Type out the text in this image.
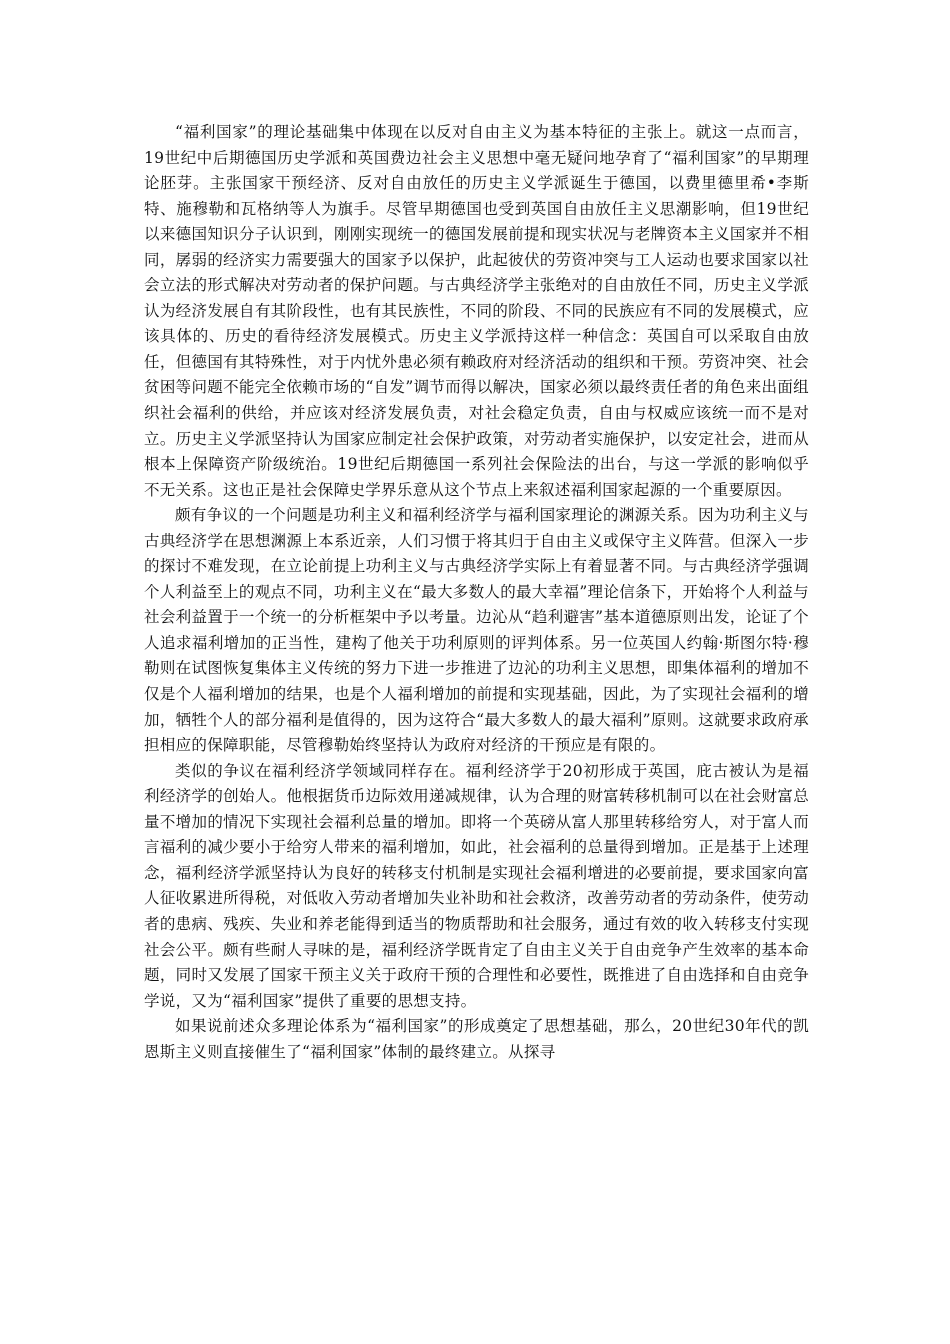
“福利国家”的理论基础集中体现在以反对自由主义为基本特征的主张上。就这一点而言， 19世纪中后期德国历史学派和英国费边社会主义思想中毫无疑问地孕育了“福利国家”的早期理论胚芽。主张国家干预经济、反对自由放任的历史主义学派诞生于德国，以费里德里希•李斯特、施穆勒和瓦格纳等人为旗手。尽管早期德国也受到英国自由放任主义思潮影响，但19世纪以来德国知识分子认识到，刚刚实现统一的德国发展前提和现实状况与老牌资本主义国家并不相同，孱弱的经济实力需要强大的国家予以保护，此起彼伏的劳资冲突与工人运动也要求国家以社会立法的形式解决对劳动者的保护问题。与古典经济学主张绝对的自由放任不同，历史主义学派认为经济发展自有其阶段性，也有其民族性，不同的阶段、不同的民族应有不同的发展模式，应该具体的、历史的看待经济发展模式。历史主义学派持这样一种信念：英国自可以采取自由放任，但德国有其特殊性，对于内忧外患必须有赖政府对经济活动的组织和干预。劳资冲突、社会贫困等问题不能完全依赖市场的“自发”调节而得以解决，国家必须以最终责任者的角色来出面组织社会福利的供给，并应该对经济发展负责，对社会稳定负责，自由与权威应该统一而不是对立。历史主义学派坚持认为国家应制定社会保护政策，对劳动者实施保护，以安定社会，进而从根本上保障资产阶级统治。19世纪后期德国一系列社会保险法的出台，与这一学派的影响似乎不无关系。这也正是社会保障史学界乐意从这个节点上来叙述福利国家起源的一个重要原因。

颇有争议的一个问题是功利主义和福利经济学与福利国家理论的渊源关系。因为功利主义与古典经济学在思想渊源上本系近亲，人们习惯于将其归于自由主义或保守主义阵营。但深入一步的探讨不难发现，在立论前提上功利主义与古典经济学实际上有着显著不同。与古典经济学强调个人利益至上的观点不同，功利主义在“最大多数人的最大幸福”理论信条下，开始将个人利益与社会利益置于一个统一的分析框架中予以考量。边沁从“趋利避害”基本道德原则出发，论证了个人追求福利增加的正当性，建构了他关于功利原则的评判体系。另一位英国人约翰·斯图尔特·穆勒则在试图恢复集体主义传统的努力下进一步推进了边沁的功利主义思想，即集体福利的增加不仅是个人福利增加的结果，也是个人福利增加的前提和实现基础，因此，为了实现社会福利的增加，牺牲个人的部分福利是值得的，因为这符合“最大多数人的最大福利”原则。这就要求政府承担相应的保障职能，尽管穆勒始终坚持认为政府对经济的干预应是有限的。

类似的争议在福利经济学领域同样存在。福利经济学于20初形成于英国，庇古被认为是福利经济学的创始人。他根据货币边际效用递减规律，认为合理的财富转移机制可以在社会财富总量不增加的情况下实现社会福利总量的增加。即将一个英磅从富人那里转移给穷人，对于富人而言福利的减少要小于给穷人带来的福利增加，如此，社会福利的总量得到增加。正是基于上述理念，福利经济学派坚持认为良好的转移支付机制是实现社会福利增进的必要前提，要求国家向富人征收累进所得税，对低收入劳动者增加失业补助和社会救济，改善劳动者的劳动条件，使劳动者的患病、残疾、失业和养老能得到适当的物质帮助和社会服务，通过有效的收入转移支付实现社会公平。颇有些耐人寻味的是，福利经济学既肯定了自由主义关于自由竞争产生效率的基本命题，同时又发展了国家干预主义关于政府干预的合理性和必要性，既推进了自由选择和自由竞争学说，又为“福利国家”提供了重要的思想支持。

如果说前述众多理论体系为“福利国家”的形成奠定了思想基础，那么，20世纪30年代的凯恩斯主义则直接催生了“福利国家”体制的最终建立。从探寻
